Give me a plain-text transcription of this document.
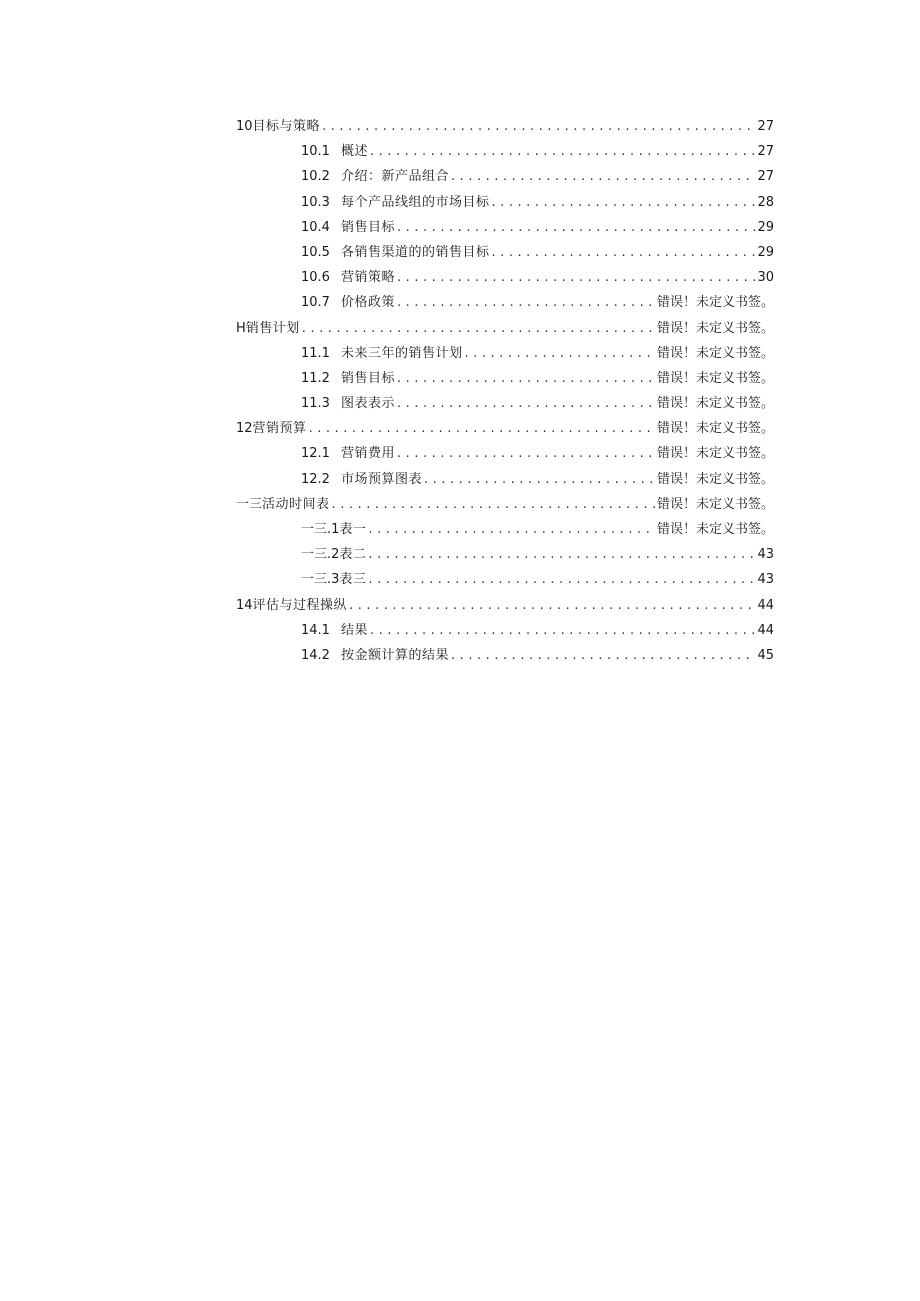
10 目标与策略 . . .	27
10.1 概述 . . .	27
10.2 介绍：新产品组合 . . .	27
10.3 每个产品线组的市场目标 . . .	28
10.4 销售目标 . . .	29
10.5 各销售渠道的的销售目标 . . .	29
10.6 营销策略 . . .	30
10.7 价格政策 . . .	错误！未定义书签。
H 销售计划 . . .	错误！未定义书签。
11.1 未来三年的销售计划 . . .	错误！未定义书签。
11.2 销售目标 . . .	错误！未定义书签。
11.3 图表表示 . . .	错误！未定义书签。
12 营销预算 . . .	错误！未定义书签。
12.1 营销费用 . . .	错误！未定义书签。
12.2 市场预算图表 . . .	错误！未定义书签。
一三 活动时间表 . . .	错误！未定义书签。
一三.1 表一 . . .	错误！未定义书签。
一三.2 表二 . . .	43
一三.3 表三 . . .	43
14 评估与过程操纵 . . .	44
14.1 结果 . . .	44
14.2 按金额计算的结果 . . .	45
